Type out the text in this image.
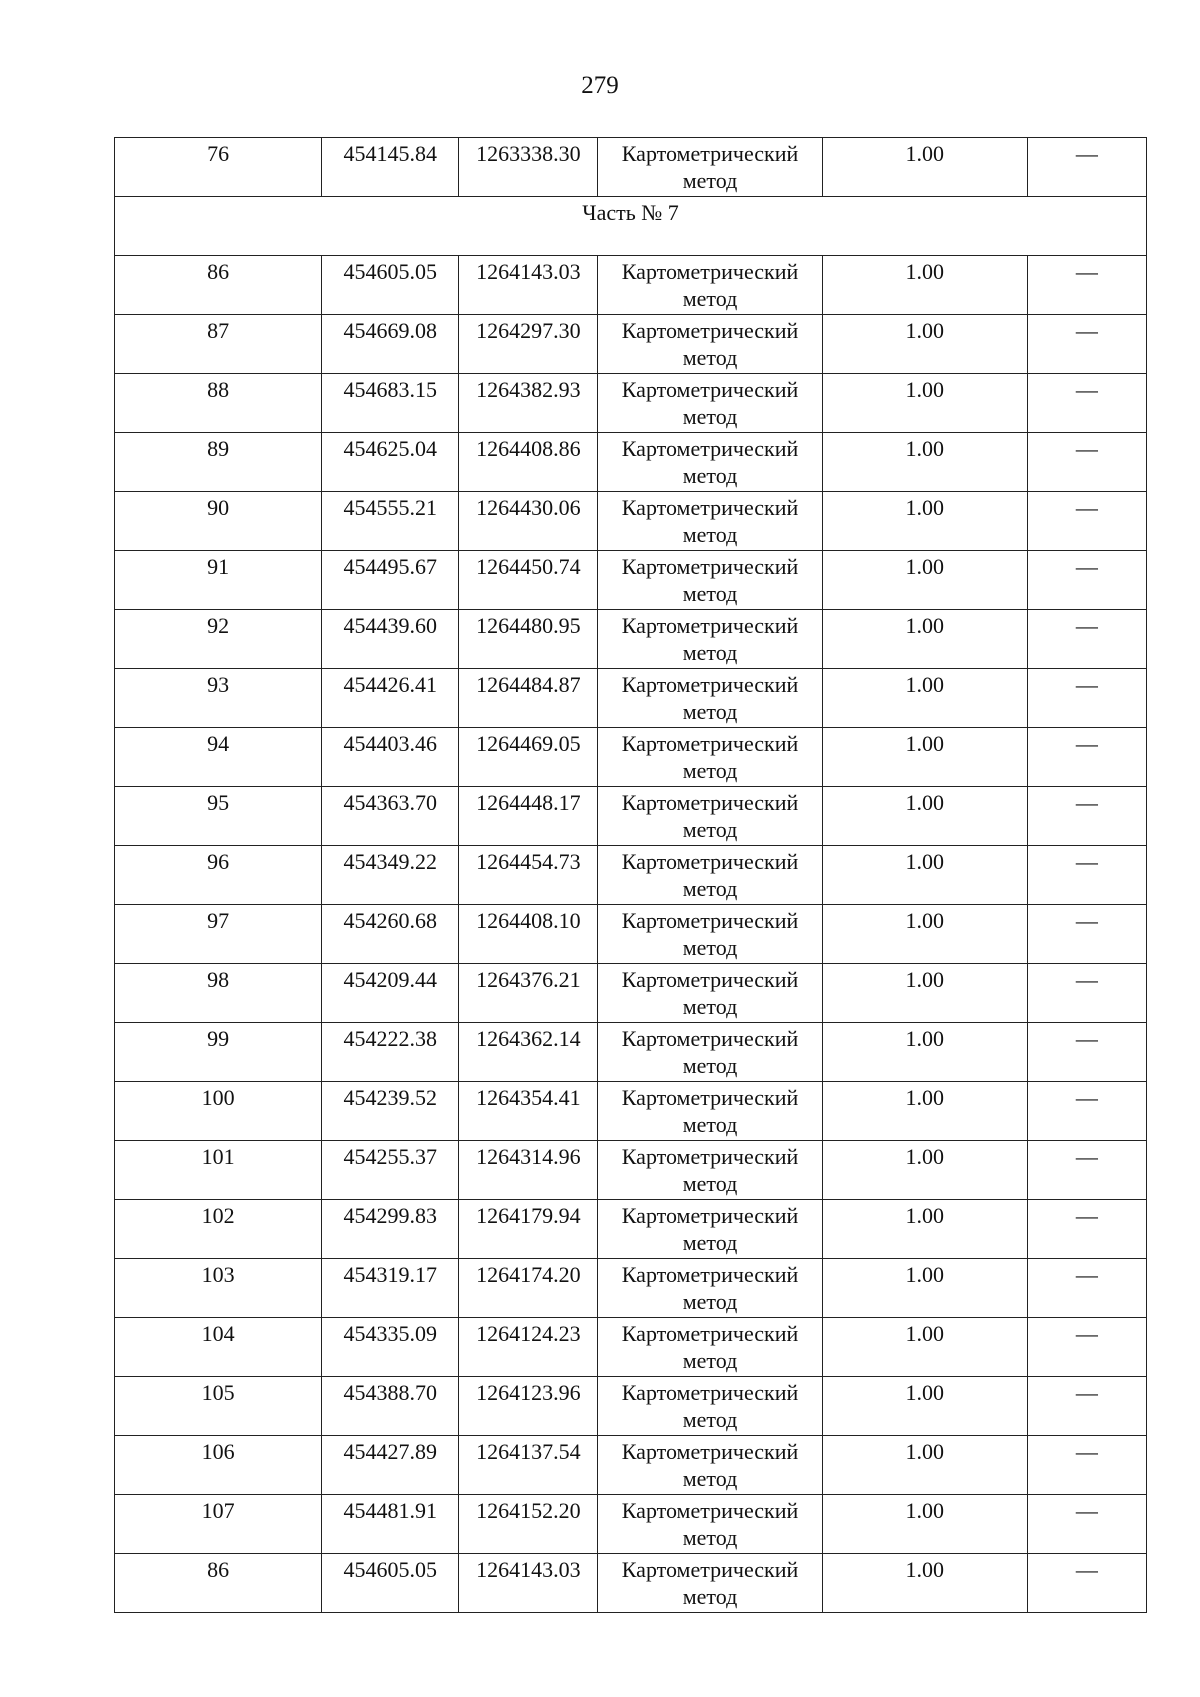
279
76	454145.84	1263338.30	Картометрический метод	1.00	—
Часть № 7					
86	454605.05	1264143.03	Картометрический метод	1.00	—
87	454669.08	1264297.30	Картометрический метод	1.00	—
88	454683.15	1264382.93	Картометрический метод	1.00	—
89	454625.04	1264408.86	Картометрический метод	1.00	—
90	454555.21	1264430.06	Картометрический метод	1.00	—
91	454495.67	1264450.74	Картометрический метод	1.00	—
92	454439.60	1264480.95	Картометрический метод	1.00	—
93	454426.41	1264484.87	Картометрический метод	1.00	—
94	454403.46	1264469.05	Картометрический метод	1.00	—
95	454363.70	1264448.17	Картометрический метод	1.00	—
96	454349.22	1264454.73	Картометрический метод	1.00	—
97	454260.68	1264408.10	Картометрический метод	1.00	—
98	454209.44	1264376.21	Картометрический метод	1.00	—
99	454222.38	1264362.14	Картометрический метод	1.00	—
100	454239.52	1264354.41	Картометрический метод	1.00	—
101	454255.37	1264314.96	Картометрический метод	1.00	—
102	454299.83	1264179.94	Картометрический метод	1.00	—
103	454319.17	1264174.20	Картометрический метод	1.00	—
104	454335.09	1264124.23	Картометрический метод	1.00	—
105	454388.70	1264123.96	Картометрический метод	1.00	—
106	454427.89	1264137.54	Картометрический метод	1.00	—
107	454481.91	1264152.20	Картометрический метод	1.00	—
86	454605.05	1264143.03	Картометрический метод	1.00	—
